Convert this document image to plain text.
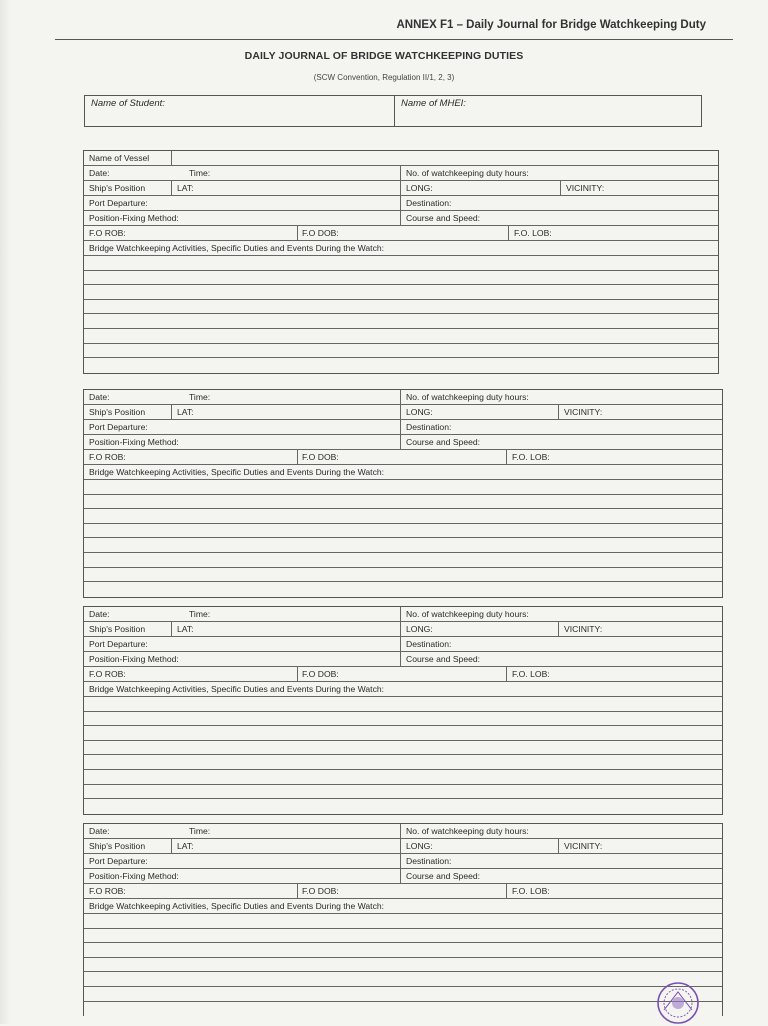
ANNEX F1 – Daily Journal for Bridge Watchkeeping Duty
DAILY JOURNAL OF BRIDGE WATCHKEEPING DUTIES
(SCW Convention, Regulation II/1, 2, 3)
Name of Student:	Name of MHEI:
Name of Vessel
Date:	Time:	No. of watchkeeping duty hours:
Ship's Position	LAT:	LONG:	VICINITY:
Port Departure:	Destination:
Position-Fixing Method:	Course and Speed:
F.O ROB:	F.O DOB:	F.O. LOB:
Bridge Watchkeeping Activities, Specific Duties and Events During the Watch:
Date:	Time:	No. of watchkeeping duty hours:
Ship's Position	LAT:	LONG:	VICINITY:
Port Departure:	Destination:
Position-Fixing Method:	Course and Speed:
F.O ROB:	F.O DOB:	F.O. LOB:
Bridge Watchkeeping Activities, Specific Duties and Events During the Watch:
Date:	Time:	No. of watchkeeping duty hours:
Ship's Position	LAT:	LONG:	VICINITY:
Port Departure:	Destination:
Position-Fixing Method:	Course and Speed:
F.O ROB:	F.O DOB:	F.O. LOB:
Bridge Watchkeeping Activities, Specific Duties and Events During the Watch:
Date:	Time:	No. of watchkeeping duty hours:
Ship's Position	LAT:	LONG:	VICINITY:
Port Departure:	Destination:
Position-Fixing Method:	Course and Speed:
F.O ROB:	F.O DOB:	F.O. LOB:
Bridge Watchkeeping Activities, Specific Duties and Events During the Watch:
